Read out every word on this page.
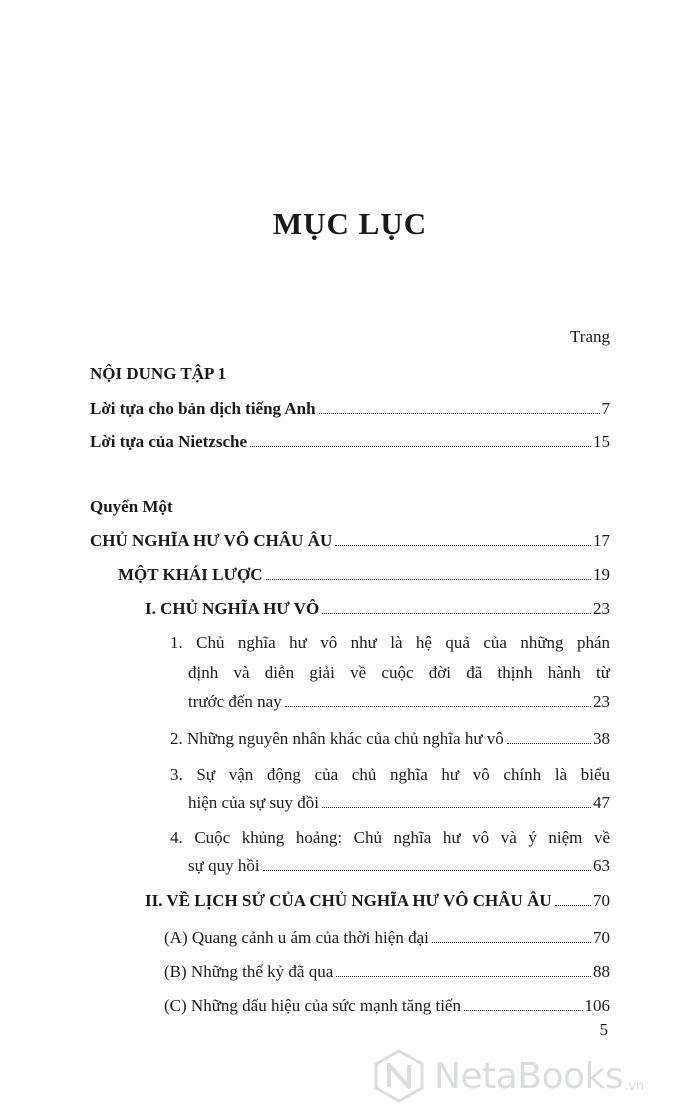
MỤC LỤC
Trang
NỘI DUNG TẬP 1
Lời tựa cho bản dịch tiếng Anh	7
Lời tựa của Nietzsche	15
Quyển Một
CHỦ NGHĨA HƯ VÔ CHÂU ÂU	17
MỘT KHÁI LƯỢC	19
I. CHỦ NGHĨA HƯ VÔ	23
1. Chủ nghĩa hư vô như là hệ quả của những phán
định và diễn giải về cuộc đời đã thịnh hành từ
trước đến nay	23
2. Những nguyên nhân khác của chủ nghĩa hư vô	38
3. Sự vận động của chủ nghĩa hư vô chính là biểu
hiện của sự suy đồi	47
4. Cuộc khủng hoảng: Chủ nghĩa hư vô và ý niệm về
sự quy hồi	63
II. VỀ LỊCH SỬ CỦA CHỦ NGHĨA HƯ VÔ CHÂU ÂU 70
(A) Quang cảnh u ám của thời hiện đại	70
(B) Những thế kỷ đã qua	88
(C) Những dấu hiệu của sức mạnh tăng tiến	106
5
NetaBooks .vn
